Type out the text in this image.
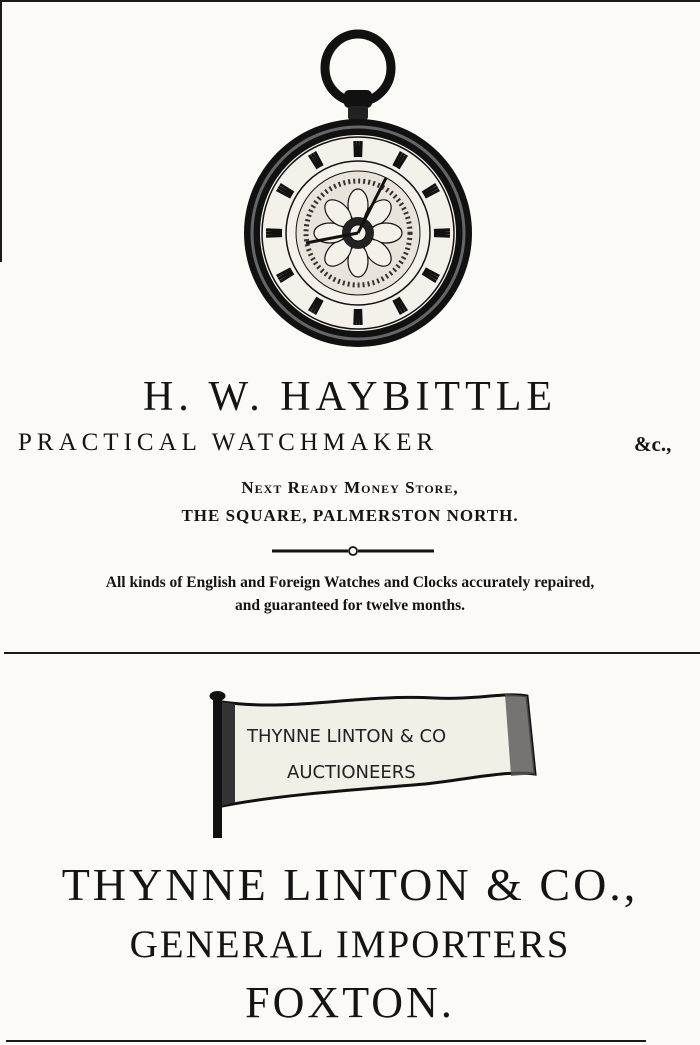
H. W. HAYBITTLE
PRACTICAL WATCHMAKER	&c.,
Next Ready Money Store,
THE SQUARE, PALMERSTON NORTH.
All kinds of English and Foreign Watches and Clocks accurately repaired,
and guaranteed for twelve months.
THYNNE LINTON & CO
AUCTIONEERS
THYNNE LINTON & CO.,
GENERAL IMPORTERS
FOXTON.
